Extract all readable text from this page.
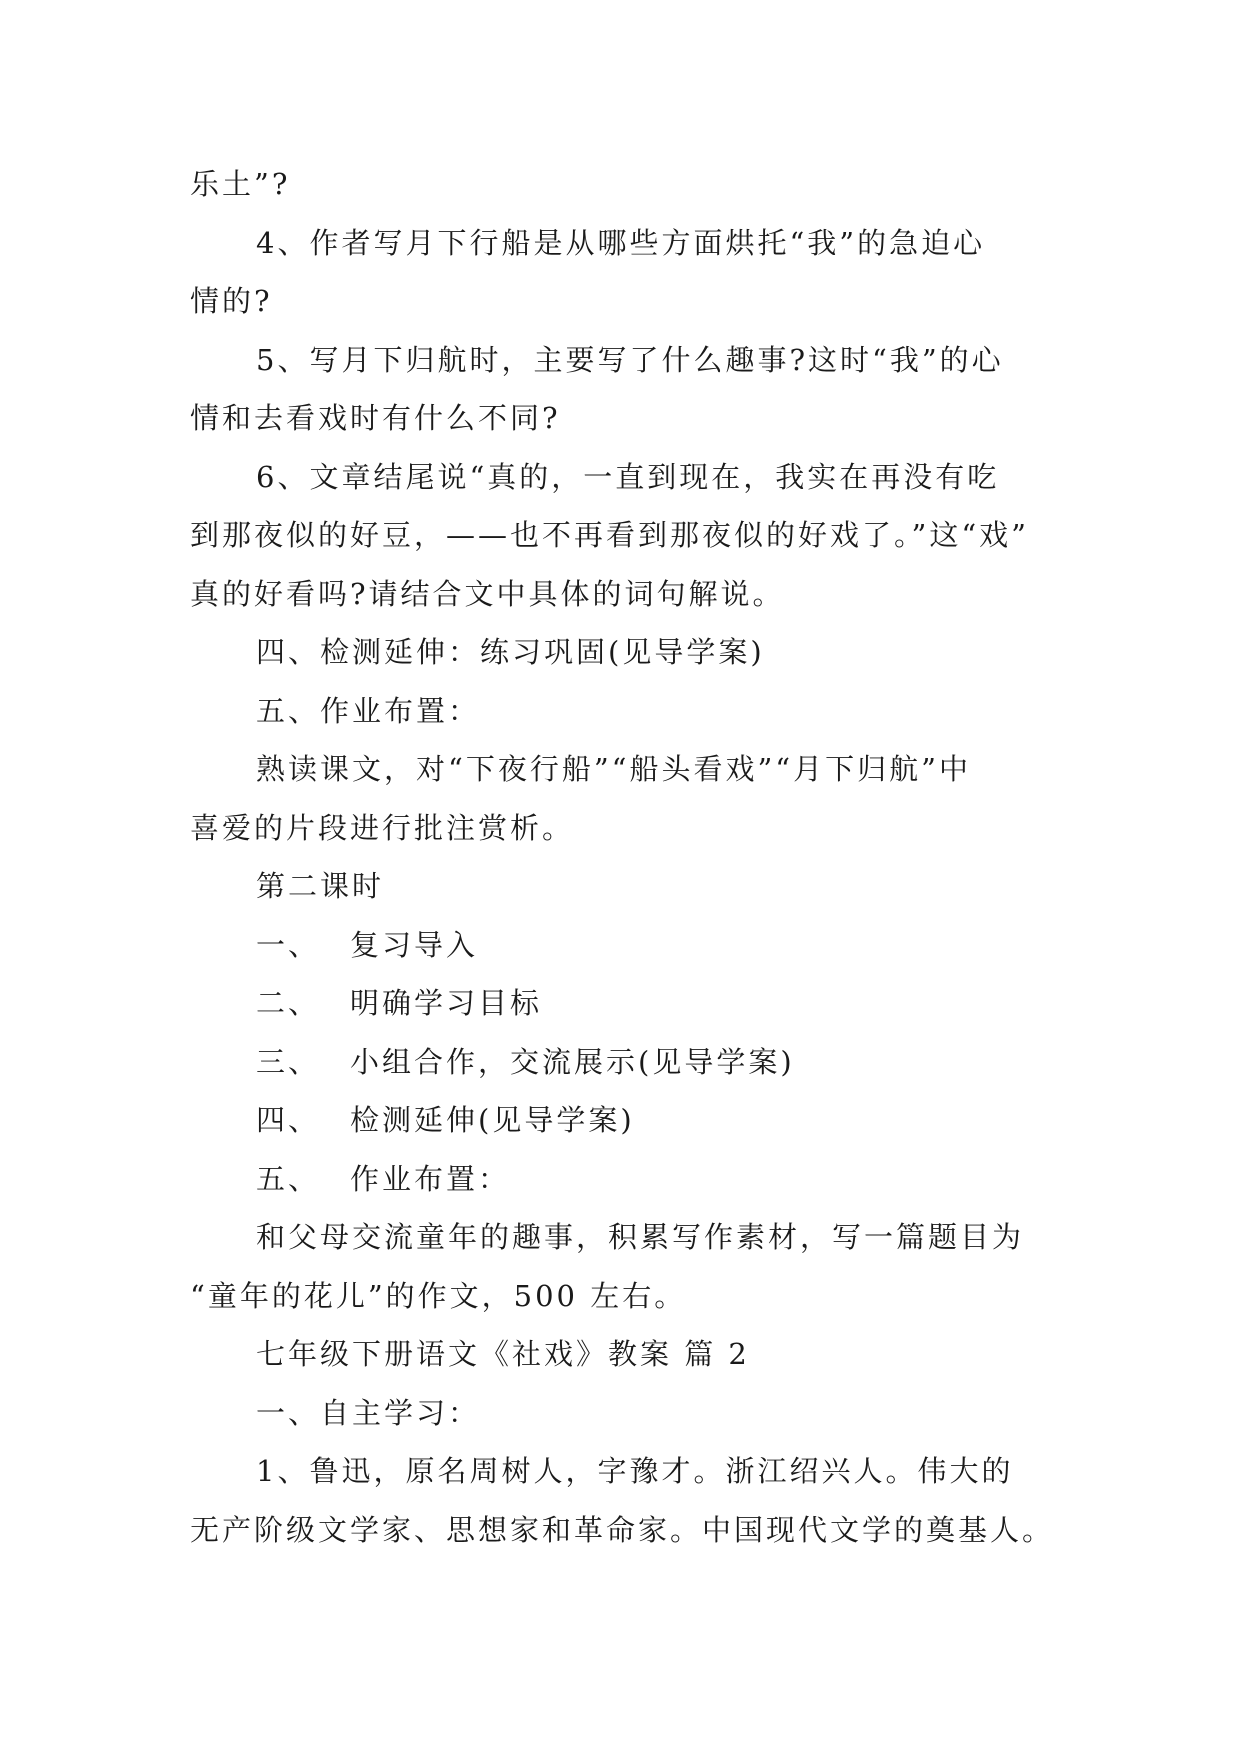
乐土”?
4、作者写月下行船是从哪些方面烘托“我”的急迫心
情的?
5、写月下归航时，主要写了什么趣事?这时“我”的心
情和去看戏时有什么不同?
6、文章结尾说“真的，一直到现在，我实在再没有吃
到那夜似的好豆，——也不再看到那夜似的好戏了。”这“戏”
真的好看吗?请结合文中具体的词句解说。
四、检测延伸：练习巩固(见导学案)
五、作业布置：
熟读课文，对“下夜行船”“船头看戏”“月下归航”中
喜爱的片段进行批注赏析。
第二课时
一、 复习导入
二、 明确学习目标
三、 小组合作，交流展示(见导学案)
四、 检测延伸(见导学案)
五、 作业布置：
和父母交流童年的趣事，积累写作素材，写一篇题目为
“童年的花儿”的作文，500 左右。
七年级下册语文《社戏》教案 篇 2
一、自主学习：
1、鲁迅，原名周树人，字豫才。浙江绍兴人。伟大的
无产阶级文学家、思想家和革命家。中国现代文学的奠基人。
